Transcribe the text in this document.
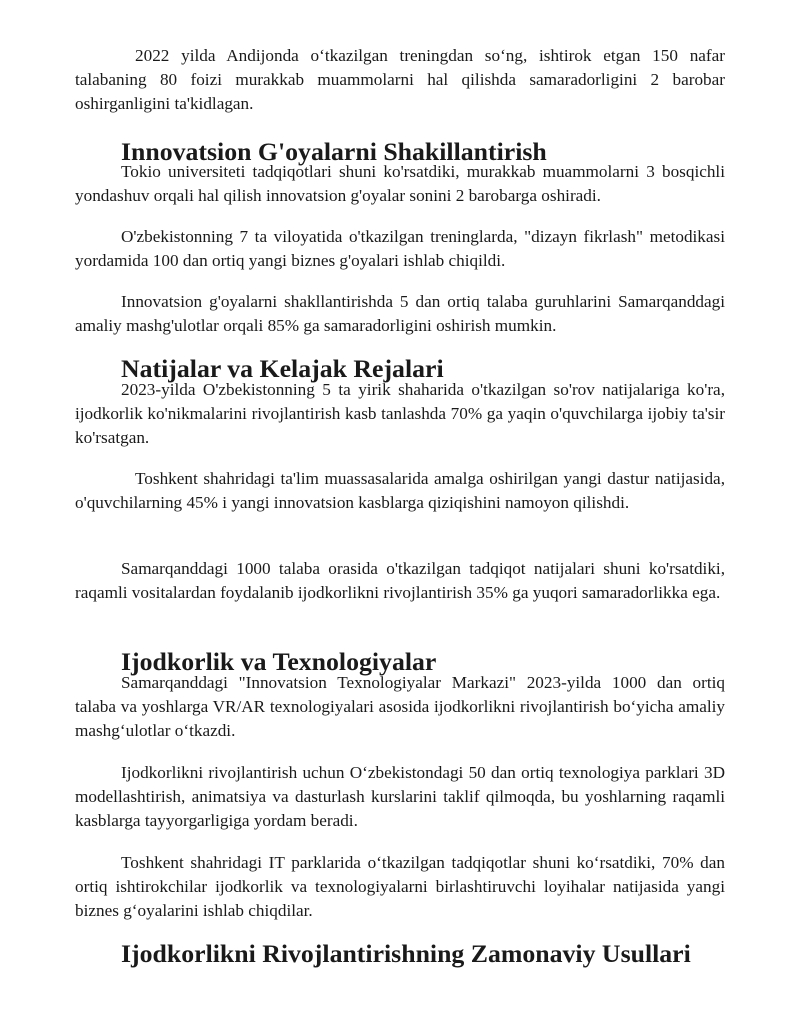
2022 yilda Andijonda o‘tkazilgan treningdan so‘ng, ishtirok etgan 150 nafar talabaning 80 foizi murakkab muammolarni hal qilishda samaradorligini 2 barobar oshirganligini ta'kidlagan.

Innovatsion G'oyalarni Shakillantirish

Tokio universiteti tadqiqotlari shuni ko'rsatdiki, murakkab muammolarni 3 bosqichli yondashuv orqali hal qilish innovatsion g'oyalar sonini 2 barobarga oshiradi.

O'zbekistonning 7 ta viloyatida o'tkazilgan treninglarda, "dizayn fikrlash" metodikasi yordamida 100 dan ortiq yangi biznes g'oyalari ishlab chiqildi.

Innovatsion g'oyalarni shakllantirishda 5 dan ortiq talaba guruhlarini Samarqanddagi amaliy mashg'ulotlar orqali 85% ga samaradorligini oshirish mumkin.

Natijalar va Kelajak Rejalari

2023-yilda O'zbekistonning 5 ta yirik shaharida o'tkazilgan so'rov natijalariga ko'ra, ijodkorlik ko'nikmalarini rivojlantirish kasb tanlashda 70% ga yaqin o'quvchilarga ijobiy ta'sir ko'rsatgan.

Toshkent shahridagi ta'lim muassasalarida amalga oshirilgan yangi dastur natijasida, o'quvchilarning 45% i yangi innovatsion kasblarga qiziqishini namoyon qilishdi.

Samarqanddagi 1000 talaba orasida o'tkazilgan tadqiqot natijalari shuni ko'rsatdiki, raqamli vositalardan foydalanib ijodkorlikni rivojlantirish 35% ga yuqori samaradorlikka ega.

Ijodkorlik va Texnologiyalar

Samarqanddagi "Innovatsion Texnologiyalar Markazi" 2023-yilda 1000 dan ortiq talaba va yoshlarga VR/AR texnologiyalari asosida ijodkorlikni rivojlantirish bo‘yicha amaliy mashg‘ulotlar o‘tkazdi.

Ijodkorlikni rivojlantirish uchun O‘zbekistondagi 50 dan ortiq texnologiya parklari 3D modellashtirish, animatsiya va dasturlash kurslarini taklif qilmoqda, bu yoshlarning raqamli kasblarga tayyorgarligiga yordam beradi.

Toshkent shahridagi IT parklarida o‘tkazilgan tadqiqotlar shuni ko‘rsatdiki, 70% dan ortiq ishtirokchilar ijodkorlik va texnologiyalarni birlashtiruvchi loyihalar natijasida yangi biznes g‘oyalarini ishlab chiqdilar.

Ijodkorlikni Rivojlantirishning Zamonaviy Usullari
